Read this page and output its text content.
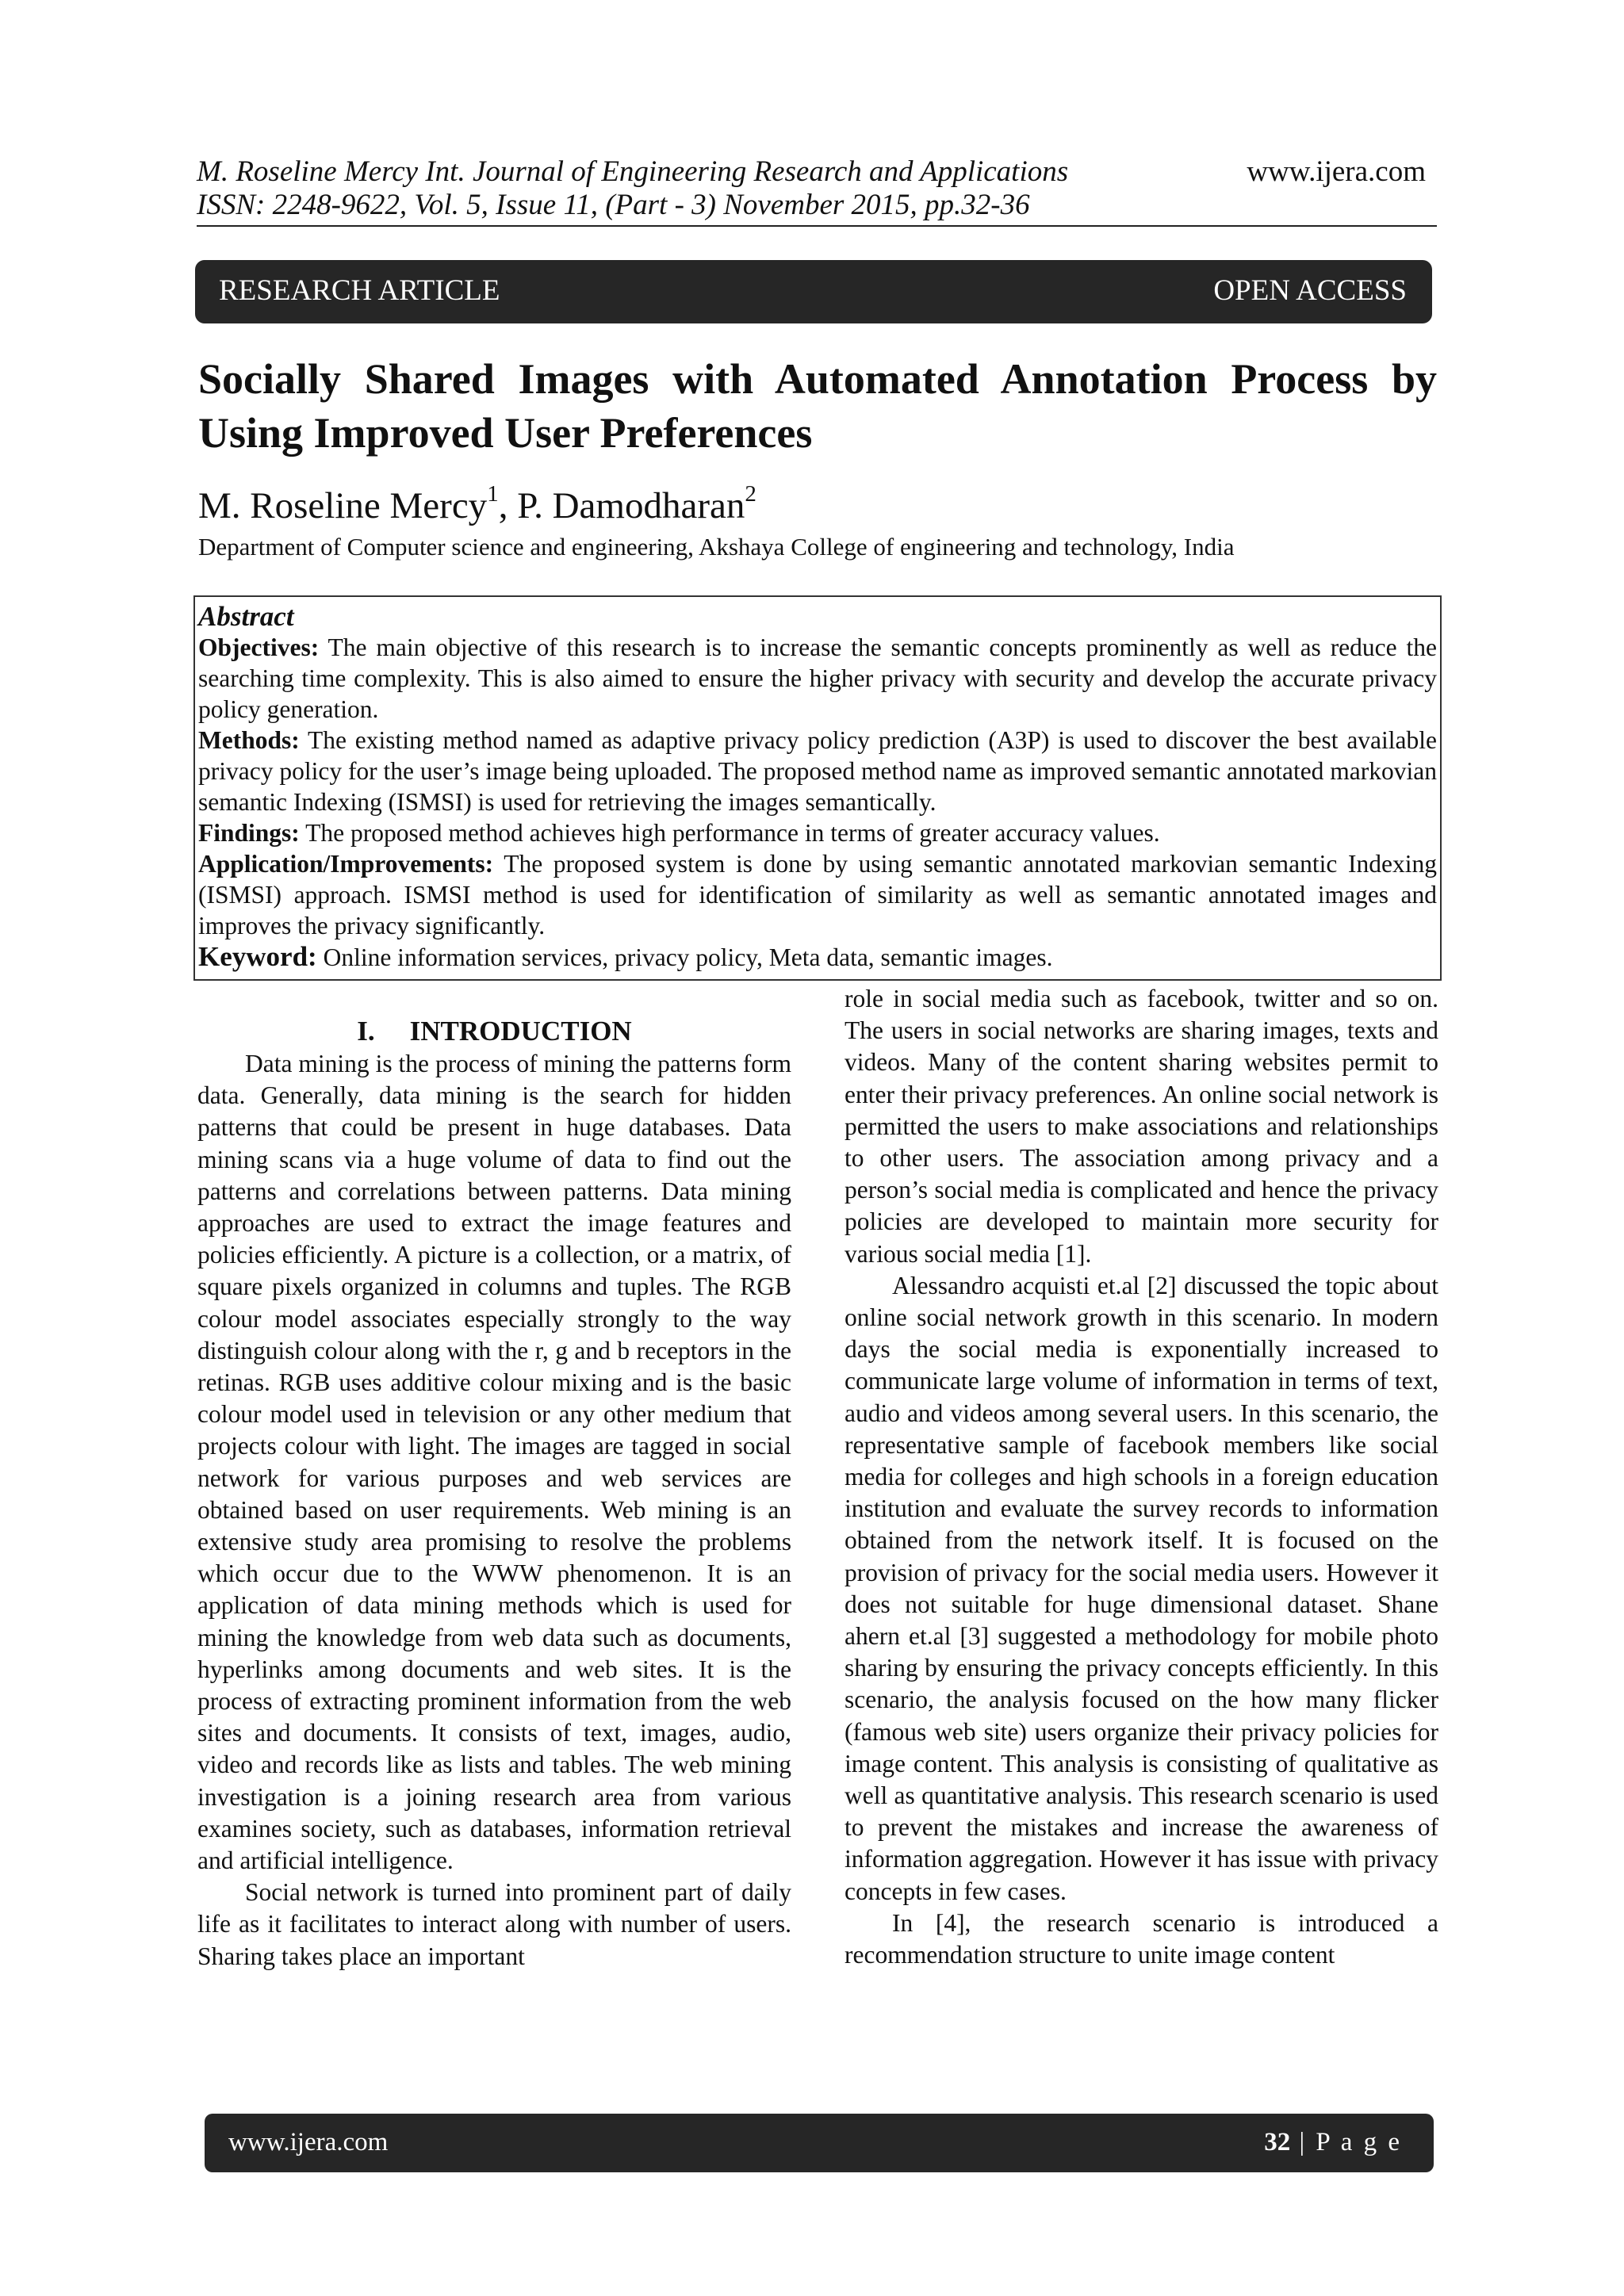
M. Roseline Mercy Int. Journal of Engineering Research and Applications
ISSN: 2248-9622, Vol. 5, Issue 11, (Part - 3) November 2015, pp.32-36
www.ijera.com
RESEARCH ARTICLE	OPEN ACCESS
Socially Shared Images with Automated Annotation Process by Using Improved User Preferences
M. Roseline Mercy$^1$, P. Damodharan$^2$
Department of Computer science and engineering, Akshaya College of engineering and technology, India
Abstract

Objectives: The main objective of this research is to increase the semantic concepts prominently as well as reduce the searching time complexity. This is also aimed to ensure the higher privacy with security and develop the accurate privacy policy generation.

Methods: The existing method named as adaptive privacy policy prediction (A3P) is used to discover the best available privacy policy for the user’s image being uploaded. The proposed method name as improved semantic annotated markovian semantic Indexing (ISMSI) is used for retrieving the images semantically.

Findings: The proposed method achieves high performance in terms of greater accuracy values.

Application/Improvements: The proposed system is done by using semantic annotated markovian semantic Indexing (ISMSI) approach. ISMSI method is used for identification of similarity as well as semantic annotated images and improves the privacy significantly.

Keyword: Online information services, privacy policy, Meta data, semantic images.

I. INTRODUCTION

Data mining is the process of mining the patterns form data. Generally, data mining is the search for hidden patterns that could be present in huge databases. Data mining scans via a huge volume of data to find out the patterns and correlations between patterns. Data mining approaches are used to extract the image features and policies efficiently. A picture is a collection, or a matrix, of square pixels organized in columns and tuples. The RGB colour model associates especially strongly to the way distinguish colour along with the r, g and b receptors in the retinas. RGB uses additive colour mixing and is the basic colour model used in television or any other medium that projects colour with light. The images are tagged in social network for various purposes and web services are obtained based on user requirements. Web mining is an extensive study area promising to resolve the problems which occur due to the WWW phenomenon. It is an application of data mining methods which is used for mining the knowledge from web data such as documents, hyperlinks among documents and web sites. It is the process of extracting prominent information from the web sites and documents. It consists of text, images, audio, video and records like as lists and tables. The web mining investigation is a joining research area from various examines society, such as databases, information retrieval and artificial intelligence.

Social network is turned into prominent part of daily life as it facilitates to interact along with number of users. Sharing takes place an important

role in social media such as facebook, twitter and so on. The users in social networks are sharing images, texts and videos. Many of the content sharing websites permit to enter their privacy preferences. An online social network is permitted the users to make associations and relationships to other users. The association among privacy and a person’s social media is complicated and hence the privacy policies are developed to maintain more security for various social media [1].

Alessandro acquisti et.al [2] discussed the topic about online social network growth in this scenario. In modern days the social media is exponentially increased to communicate large volume of information in terms of text, audio and videos among several users. In this scenario, the representative sample of facebook members like social media for colleges and high schools in a foreign education institution and evaluate the survey records to information obtained from the network itself. It is focused on the provision of privacy for the social media users. However it does not suitable for huge dimensional dataset. Shane ahern et.al [3] suggested a methodology for mobile photo sharing by ensuring the privacy concepts efficiently. In this scenario, the analysis focused on the how many flicker (famous web site) users organize their privacy policies for image content. This analysis is consisting of qualitative as well as quantitative analysis. This research scenario is used to prevent the mistakes and increase the awareness of information aggregation. However it has issue with privacy concepts in few cases.

In [4], the research scenario is introduced a recommendation structure to unite image content

www.ijera.com	32 | P a g e
